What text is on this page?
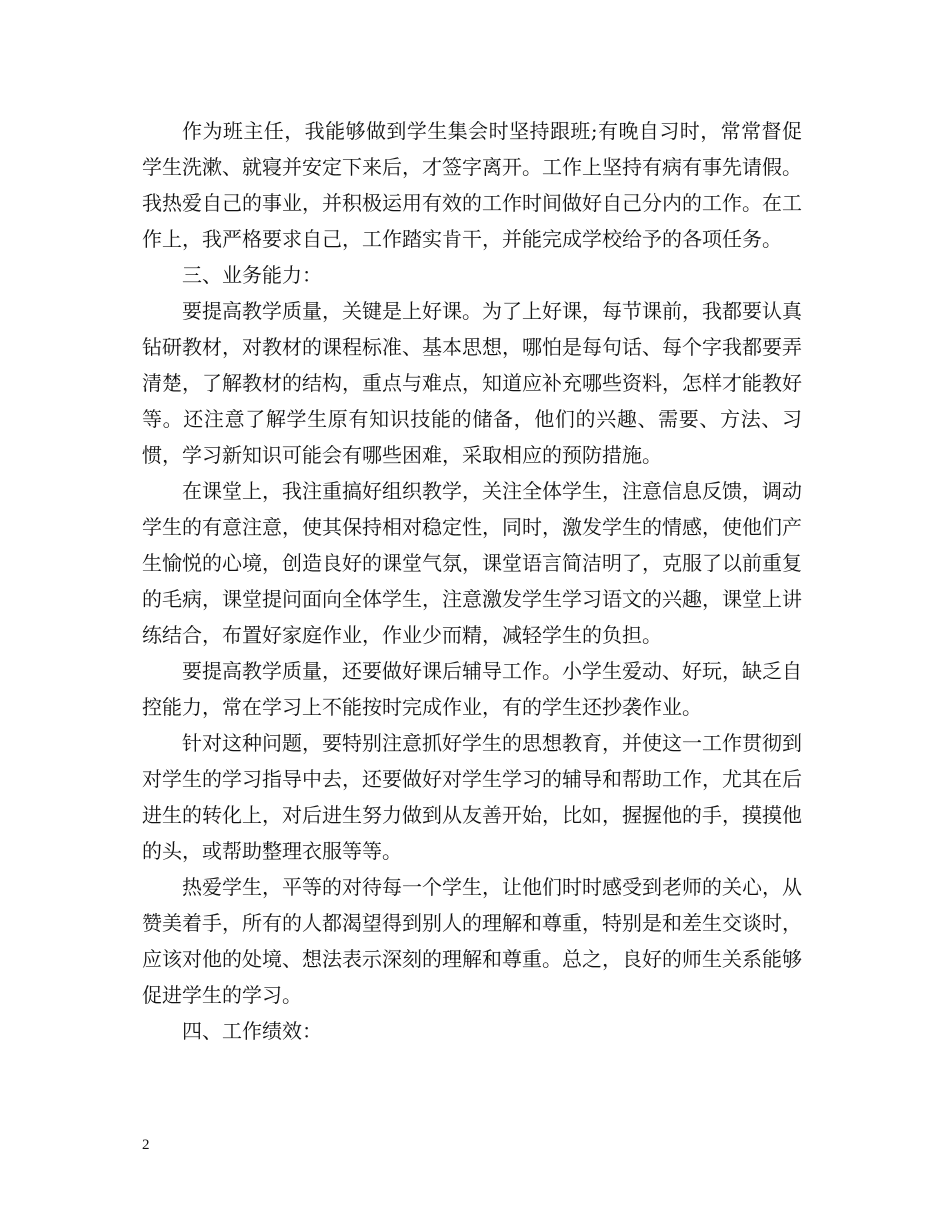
作为班主任，我能够做到学生集会时坚持跟班;有晚自习时，常常督促学生洗漱、就寝并安定下来后，才签字离开。工作上坚持有病有事先请假。我热爱自己的事业，并积极运用有效的工作时间做好自己分内的工作。在工作上，我严格要求自己，工作踏实肯干，并能完成学校给予的各项任务。

三、业务能力：

要提高教学质量，关键是上好课。为了上好课，每节课前，我都要认真钻研教材，对教材的课程标准、基本思想，哪怕是每句话、每个字我都要弄清楚，了解教材的结构，重点与难点，知道应补充哪些资料，怎样才能教好等。还注意了解学生原有知识技能的储备，他们的兴趣、需要、方法、习惯，学习新知识可能会有哪些困难，采取相应的预防措施。

在课堂上，我注重搞好组织教学，关注全体学生，注意信息反馈，调动学生的有意注意，使其保持相对稳定性，同时，激发学生的情感，使他们产生愉悦的心境，创造良好的课堂气氛，课堂语言简洁明了，克服了以前重复的毛病，课堂提问面向全体学生，注意激发学生学习语文的兴趣，课堂上讲练结合，布置好家庭作业，作业少而精，减轻学生的负担。

要提高教学质量，还要做好课后辅导工作。小学生爱动、好玩，缺乏自控能力，常在学习上不能按时完成作业，有的学生还抄袭作业。

针对这种问题，要特别注意抓好学生的思想教育，并使这一工作贯彻到对学生的学习指导中去，还要做好对学生学习的辅导和帮助工作，尤其在后进生的转化上，对后进生努力做到从友善开始，比如，握握他的手，摸摸他的头，或帮助整理衣服等等。

热爱学生，平等的对待每一个学生，让他们时时感受到老师的关心，从赞美着手，所有的人都渴望得到别人的理解和尊重，特别是和差生交谈时，应该对他的处境、想法表示深刻的理解和尊重。总之，良好的师生关系能够促进学生的学习。

四、工作绩效：

2
